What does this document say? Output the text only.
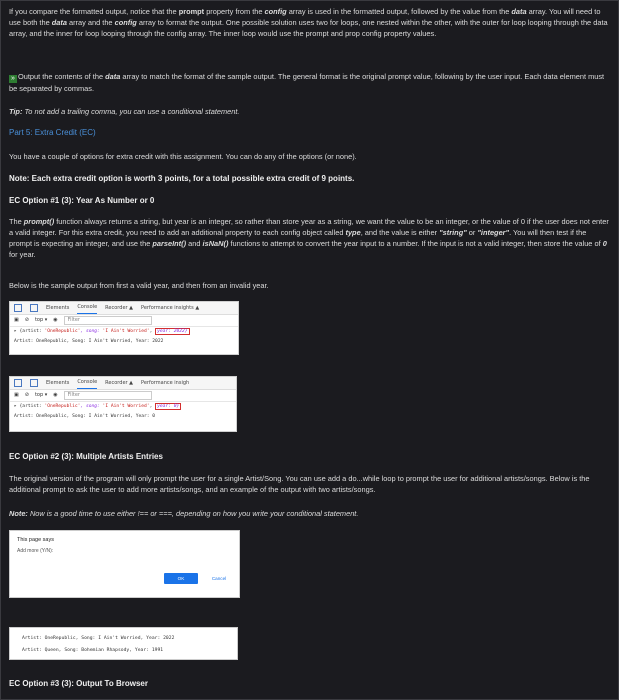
If you compare the formatted output, notice that the prompt property from the config array is used in the formatted output, followed by the value from the data array. You will need to use both the data array and the config array to format the output. One possible solution uses two for loops, one nested within the other, with the outer for loop looping through the data array, and the inner for loop looping through the config array. The inner loop would use the prompt and prop config property values.

» Output the contents of the data array to match the format of the sample output. The general format is the original prompt value, following by the user input. Each data element must be separated by commas.

Tip: To not add a trailing comma, you can use a conditional statement.

Part 5: Extra Credit (EC)

You have a couple of options for extra credit with this assignment. You can do any of the options (or none).

Note: Each extra credit option is worth 3 points, for a total possible extra credit of 9 points.

EC Option #1 (3): Year As Number or 0

The prompt() function always returns a string, but year is an integer, so rather than store year as a string, we want the value to be an integer, or the value of 0 if the user does not enter a valid integer. For this extra credit, you need to add an additional property to each config object called type, and the value is either "string" or "integer". You will then test if the prompt is expecting an integer, and use the parseInt() and isNaN() functions to attempt to convert the year input to a number. If the input is not a valid integer, then store the value of 0 for year.

Below is the sample output from first a valid year, and then from an invalid year.

Elements Console Recorder ▲ Performance insights ▲
▣ ⊘ top ▾ ◉	Filter
▸ {artist: 'OneRepublic', song: 'I Ain't Worried', year: 2022}
Artist: OneRepublic, Song: I Ain't Worried, Year: 2022
Elements Console Recorder ▲ Performance insigh
▣ ⊘ top ▾ ◉	Filter
▸ {artist: 'OneRepublic', song: 'I Ain't Worried', year: 0}
Artist: OneRepublic, Song: I Ain't Worried, Year: 0

EC Option #2 (3): Multiple Artists Entries

The original version of the program will only prompt the user for a single Artist/Song. You can use add a do...while loop to prompt the user for additional artists/songs. Below is the additional prompt to ask the user to add more artists/songs, and an example of the output with two artists/songs.

Note: Now is a good time to use either !== or ===, depending on how you write your conditional statement.

This page says
Add more (Y/N):
OK	Cancel
Artist: OneRepublic, Song: I Ain't Worried, Year: 2022
Artist: Queen, Song: Bohemian Rhapsody, Year: 1991

EC Option #3 (3): Output To Browser
